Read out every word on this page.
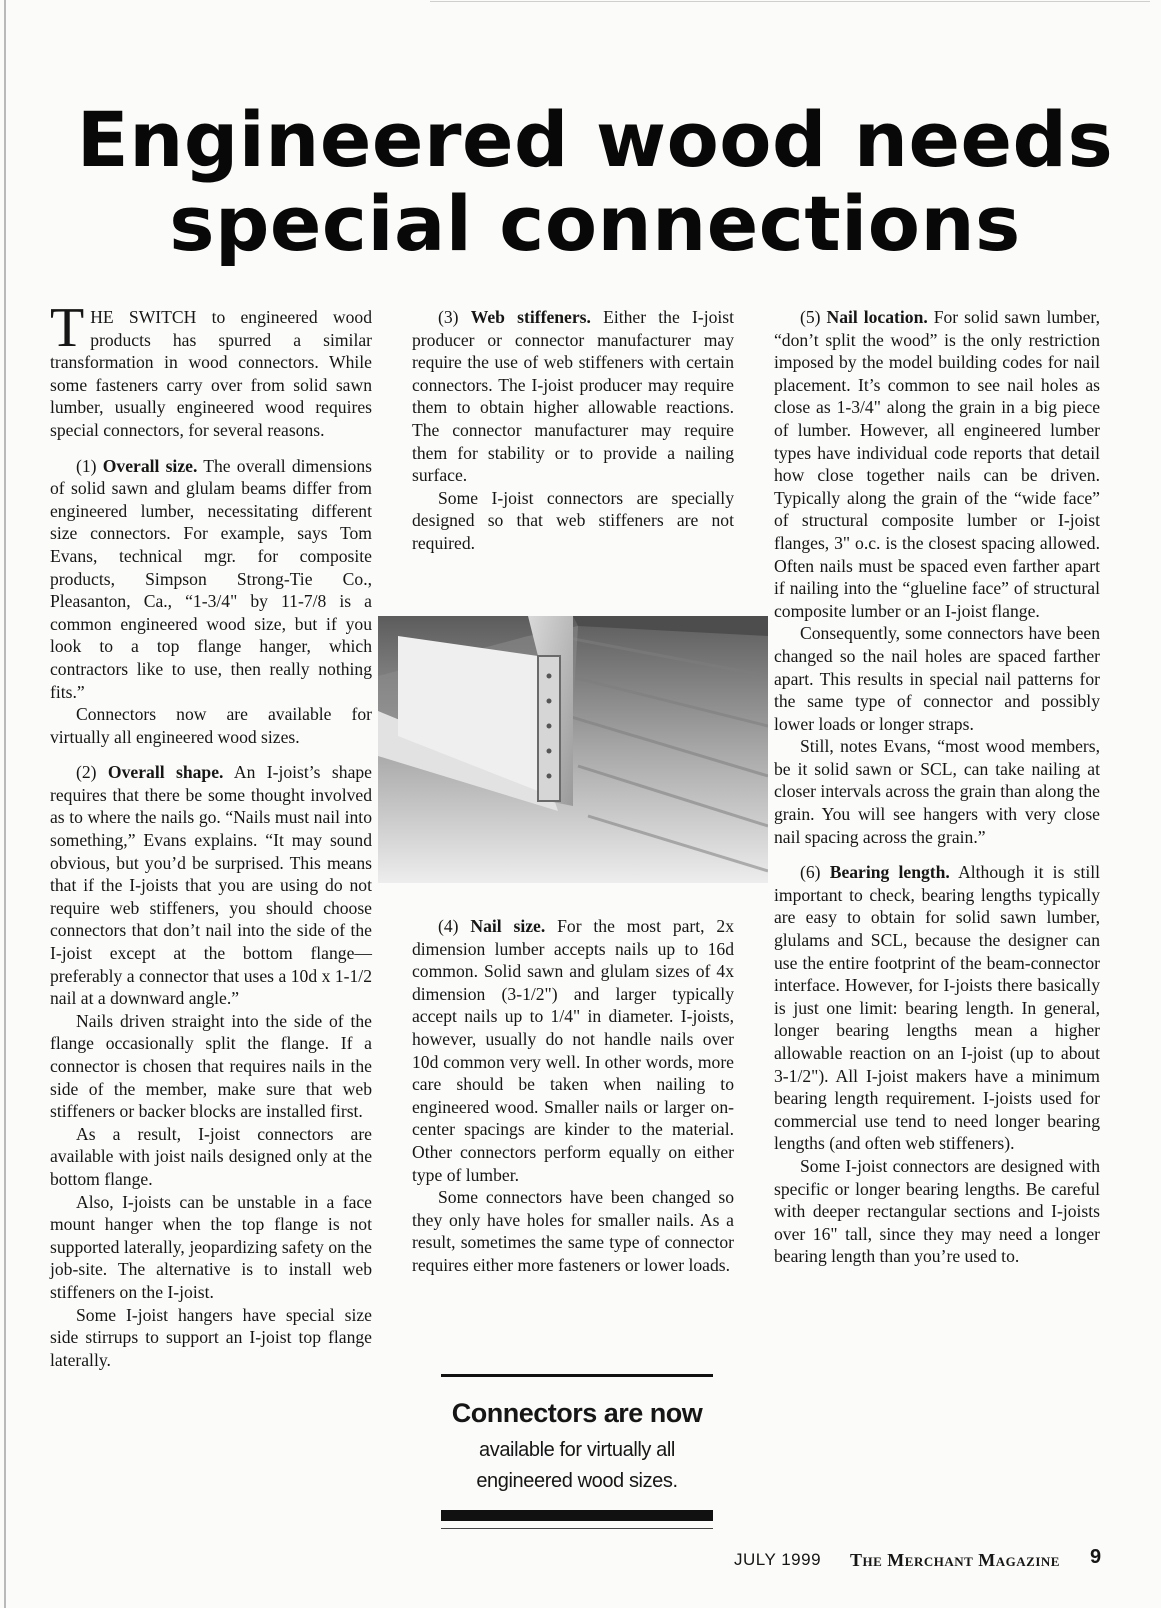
Engineered wood needs special connections

THE SWITCH to engineered wood products has spurred a similar transformation in wood connectors. While some fasteners carry over from solid sawn lumber, usually engineered wood requires special connectors, for several reasons.

(1) Overall size. The overall dimensions of solid sawn and glulam beams differ from engineered lumber, necessitating different size connectors. For example, says Tom Evans, technical mgr. for composite products, Simpson Strong-Tie Co., Pleasanton, Ca., “1-3/4" by 11-7/8 is a common engineered wood size, but if you look to a top flange hanger, which contractors like to use, then really nothing fits.”

Connectors now are available for virtually all engineered wood sizes.

(2) Overall shape. An I-joist’s shape requires that there be some thought involved as to where the nails go. “Nails must nail into something,” Evans explains. “It may sound obvious, but you’d be surprised. This means that if the I-joists that you are using do not require web stiffeners, you should choose connectors that don’t nail into the side of the I-joist except at the bottom flange— preferably a connector that uses a 10d x 1-1/2 nail at a downward angle.”

Nails driven straight into the side of the flange occasionally split the flange. If a connector is chosen that requires nails in the side of the member, make sure that web stiffeners or backer blocks are installed first.

As a result, I-joist connectors are available with joist nails designed only at the bottom flange.

Also, I-joists can be unstable in a face mount hanger when the top flange is not supported laterally, jeopardizing safety on the job-site. The alternative is to install web stiffeners on the I-joist.

Some I-joist hangers have special size side stirrups to support an I-joist top flange laterally.

(3) Web stiffeners. Either the I-joist producer or connector manufacturer may require the use of web stiffeners with certain connectors. The I-joist producer may require them to obtain higher allowable reactions. The connector manufacturer may require them for stability or to provide a nailing surface.

Some I-joist connectors are specially designed so that web stiffeners are not required.

(4) Nail size. For the most part, 2x dimension lumber accepts nails up to 16d common. Solid sawn and glulam sizes of 4x dimension (3-1/2") and larger typically accept nails up to 1/4" in diameter. I-joists, however, usually do not handle nails over 10d common very well. In other words, more care should be taken when nailing to engineered wood. Smaller nails or larger on-center spacings are kinder to the material. Other connectors perform equally on either type of lumber.

Some connectors have been changed so they only have holes for smaller nails. As a result, sometimes the same type of connector requires either more fasteners or lower loads.

(5) Nail location. For solid sawn lumber, “don’t split the wood” is the only restriction imposed by the model building codes for nail placement. It’s common to see nail holes as close as 1-3/4" along the grain in a big piece of lumber. However, all engineered lumber types have individual code reports that detail how close together nails can be driven. Typically along the grain of the “wide face” of structural composite lumber or I-joist flanges, 3" o.c. is the closest spacing allowed. Often nails must be spaced even farther apart if nailing into the “glueline face” of structural composite lumber or an I-joist flange.

Consequently, some connectors have been changed so the nail holes are spaced farther apart. This results in special nail patterns for the same type of connector and possibly lower loads or longer straps.

Still, notes Evans, “most wood members, be it solid sawn or SCL, can take nailing at closer intervals across the grain than along the grain. You will see hangers with very close nail spacing across the grain.”

(6) Bearing length. Although it is still important to check, bearing lengths typically are easy to obtain for solid sawn lumber, glulams and SCL, because the designer can use the entire footprint of the beam-connector interface. However, for I-joists there basically is just one limit: bearing length. In general, longer bearing lengths mean a higher allowable reaction on an I-joist (up to about 3-1/2"). All I-joist makers have a minimum bearing length requirement. I-joists used for commercial use tend to need longer bearing lengths (and often web stiffeners).

Some I-joist connectors are designed with specific or longer bearing lengths. Be careful with deeper rectangular sections and I-joists over 16" tall, since they may need a longer bearing length than you’re used to.

Connectors are now
available for virtually all engineered wood sizes.
JULY 1999 The Merchant Magazine 9
